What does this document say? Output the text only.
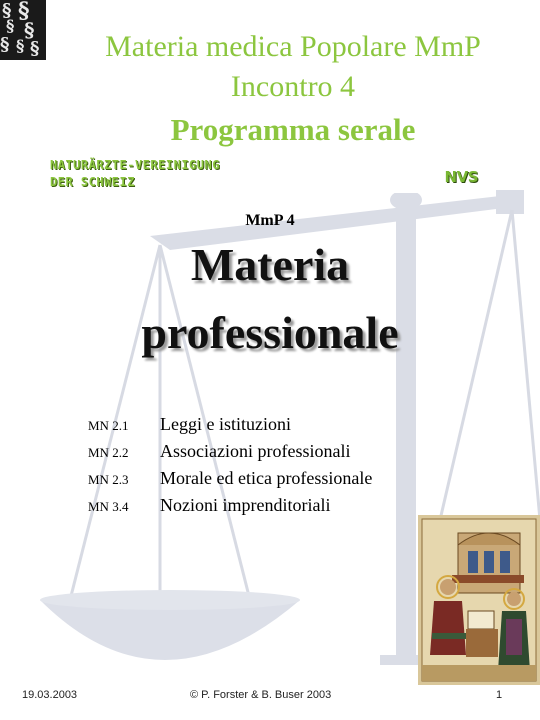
§ §
§ §
§ § §	Materia medica Popolare MmP
Incontro 4
Programma serale
NATURÄRZTE-VEREINIGUNG
DER SCHWEIZ	NVS
MmP 4
Materia
professionale
MN 2.1 Leggi e istituzioni
MN 2.2 Associazioni professionali
MN 2.3 Morale ed etica professionale
MN 3.4 Nozioni imprenditoriali
19.03.2003	© P. Forster & B. Buser 2003	1
